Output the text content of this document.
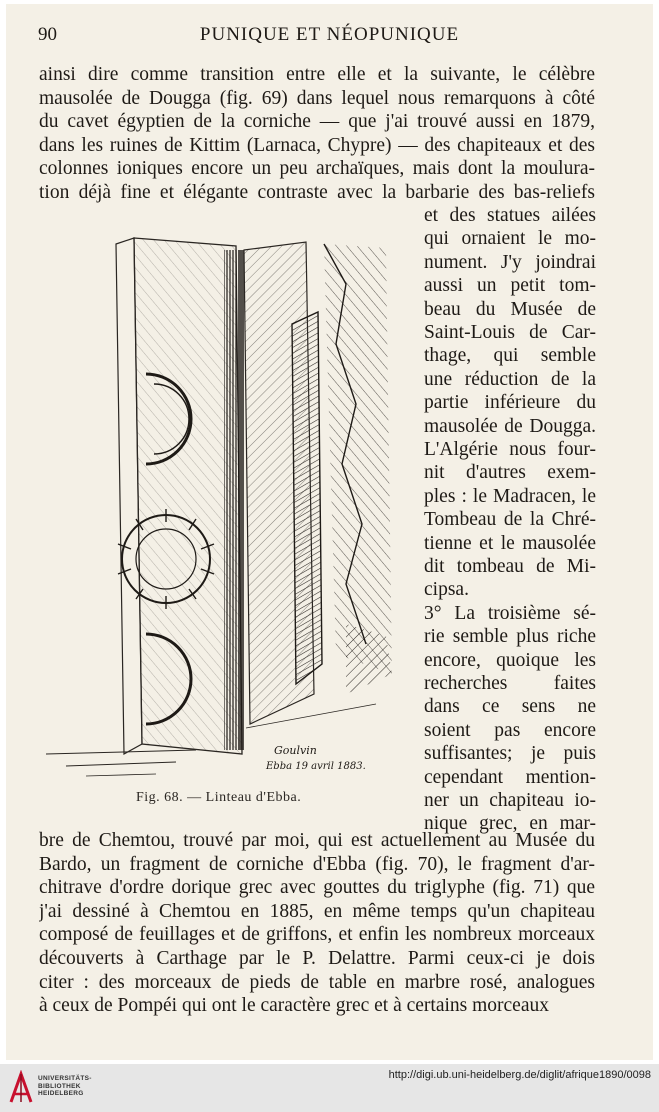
90	PUNIQUE ET NÉOPUNIQUE
ainsi dire comme transition entre elle et la suivante, le célèbre
mausolée de Dougga (fig. 69) dans lequel nous remarquons à côté
du cavet égyptien de la corniche — que j'ai trouvé aussi en 1879,
dans les ruines de Kittim (Larnaca, Chypre) — des chapiteaux et des
colonnes ioniques encore un peu archaïques, mais dont la moulura-
tion déjà fine et élégante contraste avec la barbarie des bas-reliefs
et des statues ailées
qui ornaient le mo-
nument. J'y joindrai
aussi un petit tom-
beau du Musée de
Saint-Louis de Car-
thage, qui semble
une réduction de la
partie inférieure du
mausolée de Dougga.
L'Algérie nous four-
nit d'autres exem-
ples : le Madracen, le
Tombeau de la Chré-
tienne et le mausolée
dit tombeau de Mi-
cipsa.
3° La troisième sé-
rie semble plus riche
encore, quoique les
recherches faites
dans ce sens ne
soient pas encore
suffisantes; je puis
cependant mention-
ner un chapiteau io-
nique grec, en mar-
bre de Chemtou, trouvé par moi, qui est actuellement au Musée du
Bardo, un fragment de corniche d'Ebba (fig. 70), le fragment d'ar-
chitrave d'ordre dorique grec avec gouttes du triglyphe (fig. 71) que
j'ai dessiné à Chemtou en 1885, en même temps qu'un chapiteau
composé de feuillages et de griffons, et enfin les nombreux morceaux
découverts à Carthage par le P. Delattre. Parmi ceux-ci je dois
citer : des morceaux de pieds de table en marbre rosé, analogues
à ceux de Pompéi qui ont le caractère grec et à certains morceaux
Goulvin
Ebba 19 avril 1883.
Fig. 68. — Linteau d'Ebba.
UNIVERSITÄTS-
BIBLIOTHEK
HEIDELBERG
http://digi.ub.uni-heidelberg.de/diglit/afrique1890/0098
